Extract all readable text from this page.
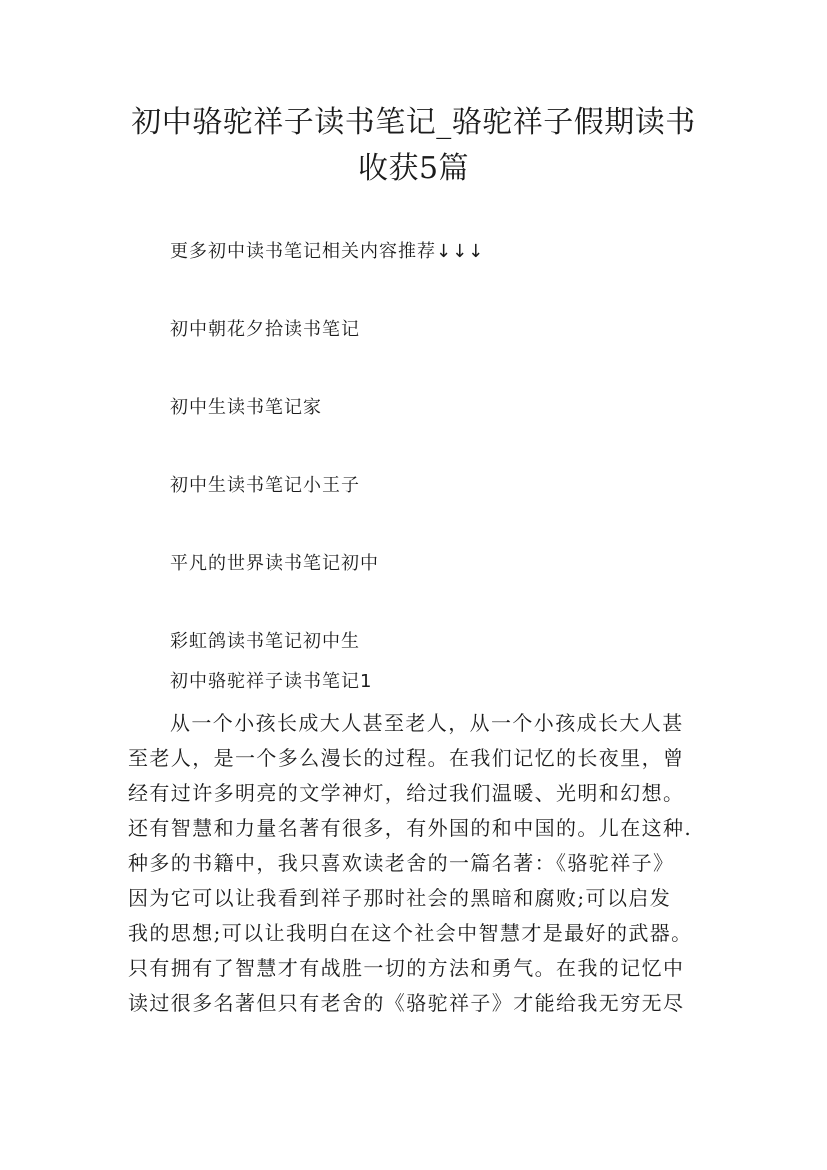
初中骆驼祥子读书笔记_骆驼祥子假期读书
收获5篇
更多初中读书笔记相关内容推荐↓↓↓
初中朝花夕拾读书笔记
初中生读书笔记家
初中生读书笔记小王子
平凡的世界读书笔记初中
彩虹鸽读书笔记初中生

初中骆驼祥子读书笔记1

从一个小孩长成大人甚至老人，从一个小孩成长大人甚
至老人，是一个多么漫长的过程。在我们记忆的长夜里，曾
经有过许多明亮的文学神灯，给过我们温暖、光明和幻想。
还有智慧和力量名著有很多，有外国的和中国的。儿在这种.
种多的书籍中，我只喜欢读老舍的一篇名著：《骆驼祥子》
因为它可以让我看到祥子那时社会的黑暗和腐败;可以启发
我的思想;可以让我明白在这个社会中智慧才是最好的武器。
只有拥有了智慧才有战胜一切的方法和勇气。在我的记忆中
读过很多名著但只有老舍的《骆驼祥子》才能给我无穷无尽
